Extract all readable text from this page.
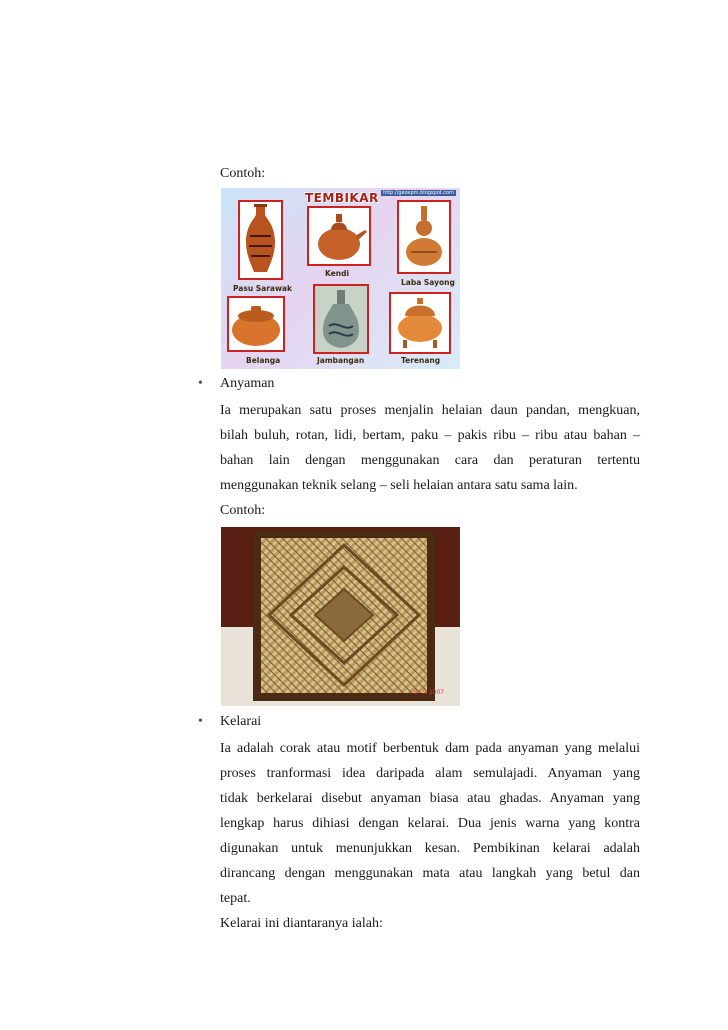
Contoh:
TEMBIKAR http://geoxpm.blogspot.com
Pasu Sarawak
Kendi
Laba Sayong
Belanga	Jambangan	Terenang
• Anyaman
Ia merupakan satu proses menjalin helaian daun pandan, mengkuan,
bilah buluh, rotan, lidi, bertam, paku – pakis ribu – ribu atau bahan –
bahan lain dengan menggunakan cara dan peraturan tertentu
menggunakan teknik selang – seli helaian antara satu sama lain.
Contoh:
8 · 9 2007
• Kelarai
Ia adalah corak atau motif berbentuk dam pada anyaman yang melalui
proses tranformasi idea daripada alam semulajadi. Anyaman yang
tidak berkelarai disebut anyaman biasa atau ghadas. Anyaman yang
lengkap harus dihiasi dengan kelarai. Dua jenis warna yang kontra
digunakan untuk menunjukkan kesan. Pembikinan kelarai adalah
dirancang dengan menggunakan mata atau langkah yang betul dan
tepat.
Kelarai ini diantaranya ialah:
